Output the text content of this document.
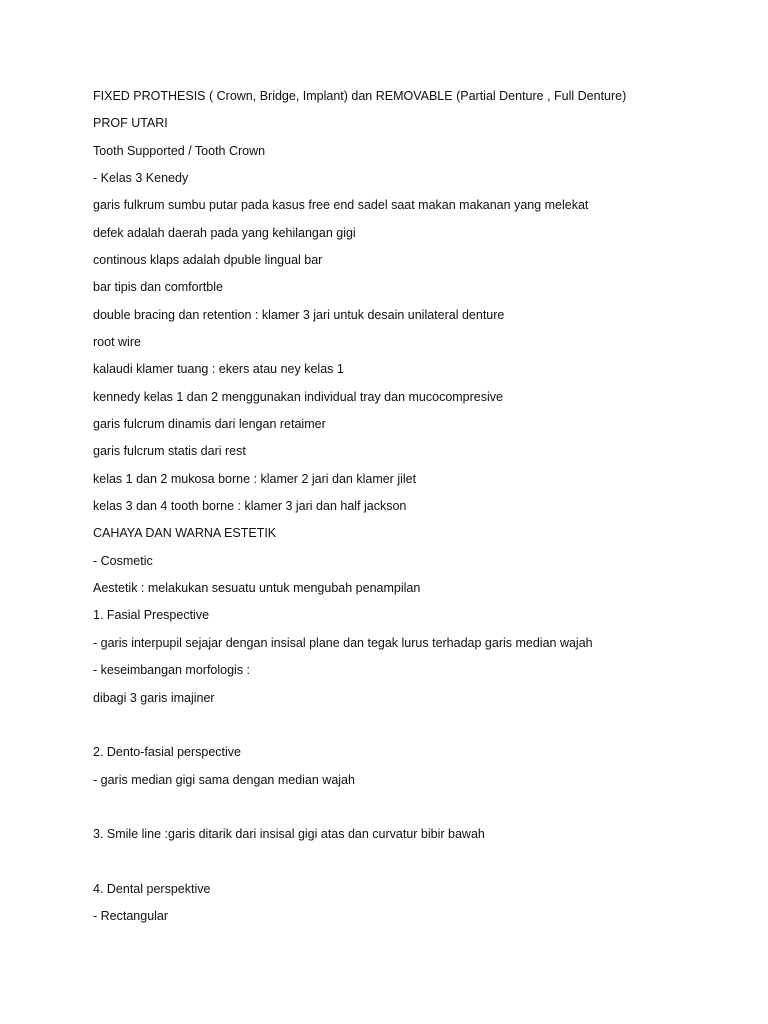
FIXED PROTHESIS ( Crown, Bridge, Implant) dan REMOVABLE (Partial Denture , Full Denture)

PROF UTARI

Tooth Supported / Tooth Crown

- Kelas 3 Kenedy

garis fulkrum sumbu putar pada kasus free end sadel saat makan makanan yang melekat

defek adalah daerah pada yang kehilangan gigi

continous klaps adalah dpuble lingual bar

bar tipis dan comfortble

double bracing dan retention : klamer 3 jari untuk desain unilateral denture

root wire

kalaudi klamer tuang : ekers atau ney kelas 1

kennedy kelas 1 dan 2 menggunakan individual tray dan mucocompresive

garis fulcrum dinamis dari lengan retaimer

garis fulcrum statis dari rest

kelas 1 dan 2 mukosa borne : klamer 2 jari dan klamer jilet

kelas 3 dan 4 tooth borne : klamer 3 jari dan half jackson

CAHAYA DAN WARNA ESTETIK

- Cosmetic

Aestetik : melakukan sesuatu untuk mengubah penampilan

1. Fasial Prespective

- garis interpupil sejajar dengan insisal plane dan tegak lurus terhadap garis median wajah

- keseimbangan morfologis :

dibagi 3 garis imajiner

2. Dento-fasial perspective

- garis median gigi sama dengan median wajah

3. Smile line :garis ditarik dari insisal gigi atas dan curvatur bibir bawah

4. Dental perspektive

- Rectangular
